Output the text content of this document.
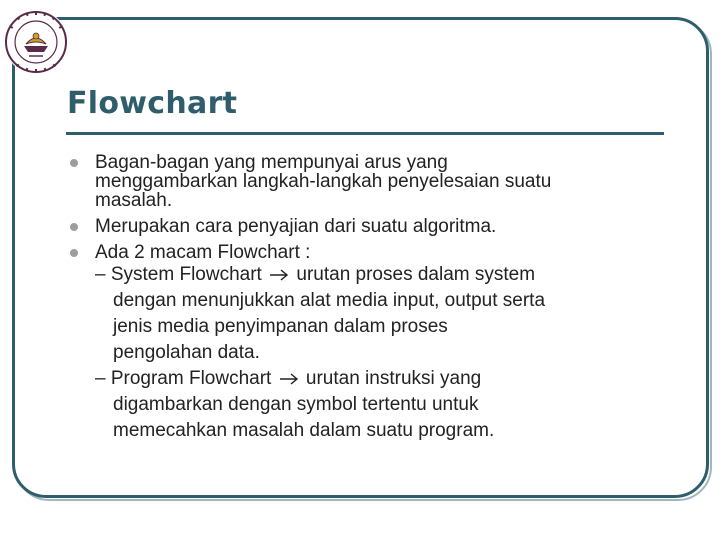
Flowchart
Bagan-bagan yang mempunyai arus yang
menggambarkan langkah-langkah penyelesaian suatu
masalah.
Merupakan cara penyajian dari suatu algoritma.
Ada 2 macam Flowchart :
– System Flowchart urutan proses dalam system
dengan menunjukkan alat media input, output serta
jenis media penyimpanan dalam proses
pengolahan data.
– Program Flowchart urutan instruksi yang
digambarkan dengan symbol tertentu untuk
memecahkan masalah dalam suatu program.
